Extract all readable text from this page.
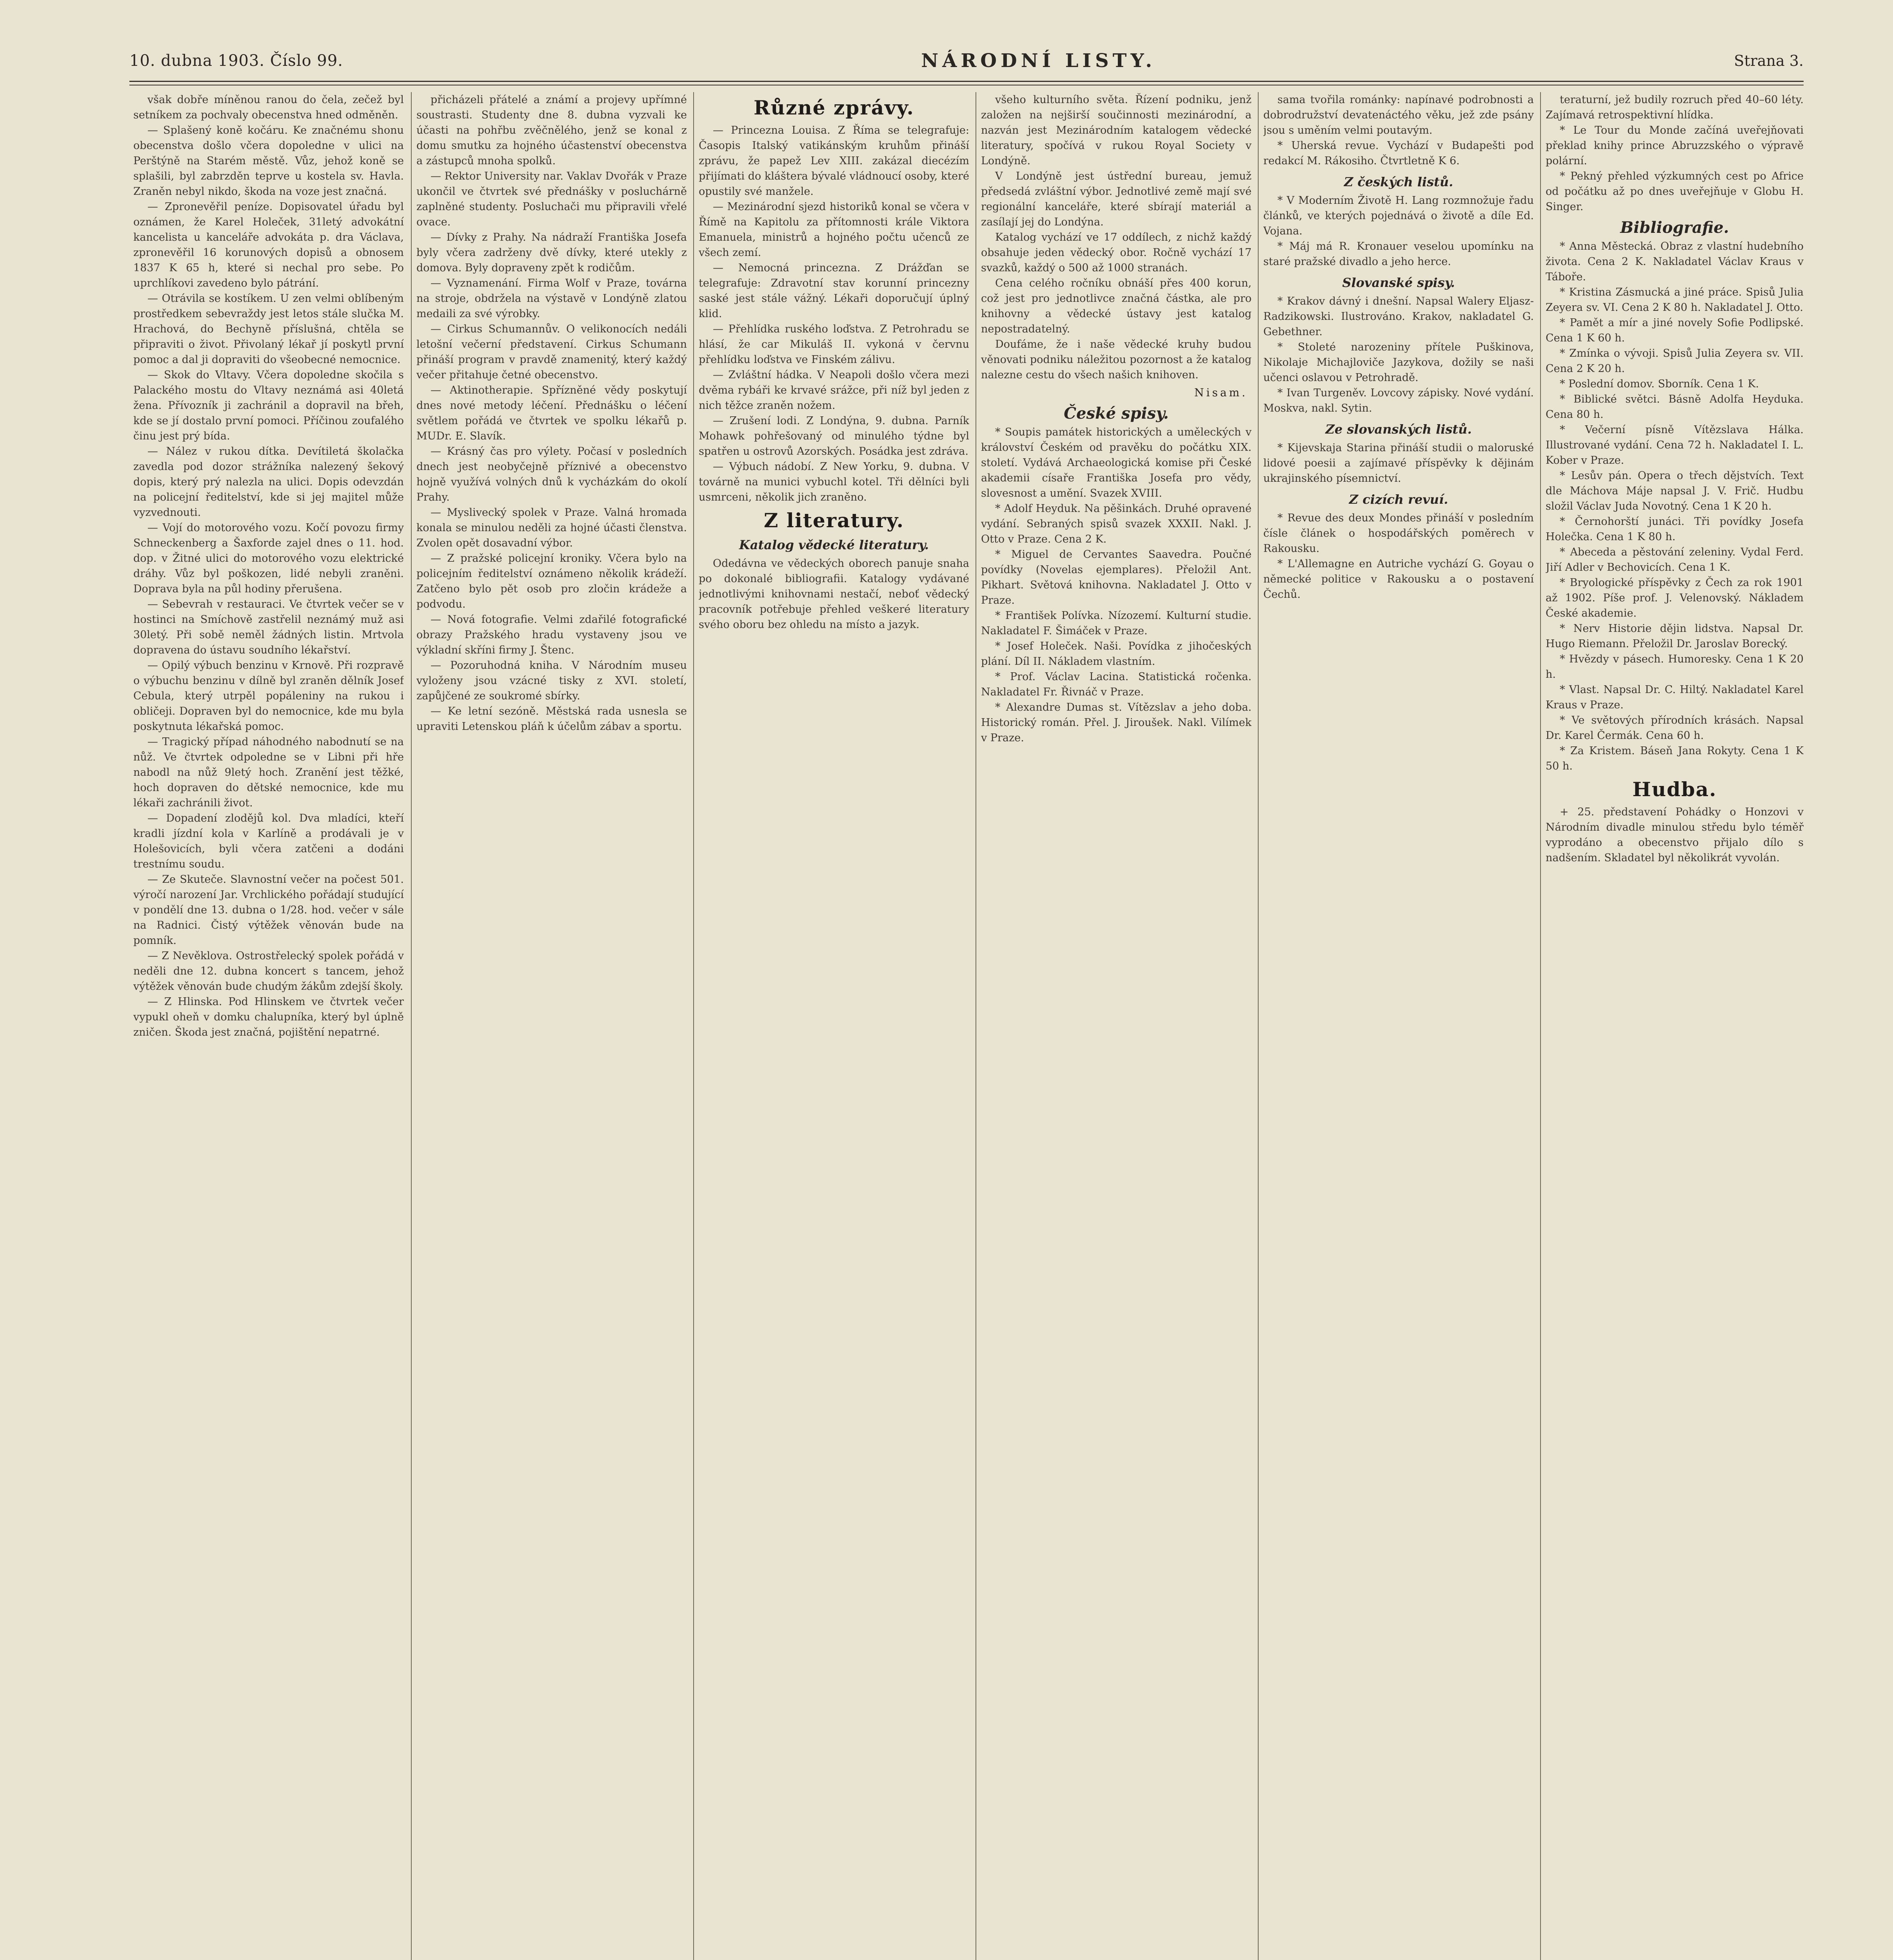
10. dubna 1903. Číslo 99.	NÁRODNÍ LISTY.	Strana 3.

však dobře míněnou ranou do čela, zečež byl setníkem za pochvaly obecenstva hned odměněn.

— Splašený koně kočáru. Ke značnému shonu obecenstva došlo včera dopoledne v ulici na Perštýně na Starém městě. Vůz, jehož koně se splašili, byl zabrzděn teprve u kostela sv. Havla. Zraněn nebyl nikdo, škoda na voze jest značná.

— Zpronevěřil peníze. Dopisovatel úřadu byl oznámen, že Karel Holeček, 31letý advokátní kancelista u kanceláře advokáta p. dra Václava, zpronevěřil 16 korunových dopisů a obnosem 1837 K 65 h, které si nechal pro sebe. Po uprchlíkovi zavedeno bylo pátrání.

— Otrávila se kostíkem. U zen velmi oblíbeným prostředkem sebevraždy jest letos stále slučka M. Hrachová, do Bechyně příslušná, chtěla se připraviti o život. Přivolaný lékař jí poskytl první pomoc a dal ji dopraviti do všeobecné nemocnice.

— Skok do Vltavy. Včera dopoledne skočila s Palackého mostu do Vltavy neznámá asi 40letá žena. Přívozník ji zachránil a dopravil na břeh, kde se jí dostalo první pomoci. Příčinou zoufalého činu jest prý bída.

— Nález v rukou dítka. Devítiletá školačka zavedla pod dozor strážníka nalezený šekový dopis, který prý nalezla na ulici. Dopis odevzdán na policejní ředitelství, kde si jej majitel může vyzvednouti.

— Vojí do motorového vozu. Kočí povozu firmy Schneckenberg a Šaxforde zajel dnes o 11. hod. dop. v Žitné ulici do motorového vozu elektrické dráhy. Vůz byl poškozen, lidé nebyli zraněni. Doprava byla na půl hodiny přerušena.

— Sebevrah v restauraci. Ve čtvrtek večer se v hostinci na Smíchově zastřelil neznámý muž asi 30letý. Při sobě neměl žádných listin. Mrtvola dopravena do ústavu soudního lékařství.

— Opilý výbuch benzinu v Krnově. Při rozpravě o výbuchu benzinu v dílně byl zraněn dělník Josef Cebula, který utrpěl popáleniny na rukou i obličeji. Dopraven byl do nemocnice, kde mu byla poskytnuta lékařská pomoc.

— Tragický případ náhodného nabodnutí se na nůž. Ve čtvrtek odpoledne se v Libni při hře nabodl na nůž 9letý hoch. Zranění jest těžké, hoch dopraven do dětské nemocnice, kde mu lékaři zachránili život.

— Dopadení zlodějů kol. Dva mladíci, kteří kradli jízdní kola v Karlíně a prodávali je v Holešovicích, byli včera zatčeni a dodáni trestnímu soudu.

— Ze Skuteče. Slavnostní večer na počest 501. výročí narození Jar. Vrchlického pořádají studující v pondělí dne 13. dubna o 1/28. hod. večer v sále na Radnici. Čistý výtěžek věnován bude na pomník.

— Z Nevěklova. Ostrostřelecký spolek pořádá v neděli dne 12. dubna koncert s tancem, jehož výtěžek věnován bude chudým žákům zdejší školy.

— Z Hlinska. Pod Hlinskem ve čtvrtek večer vypukl oheň v domku chalupníka, který byl úplně zničen. Škoda jest značná, pojištění nepatrné.

přicházeli přátelé a známí a projevy upřímné soustrasti. Studenty dne 8. dubna vyzvali ke účasti na pohřbu zvěčnělého, jenž se konal z domu smutku za hojného účastenství obecenstva a zástupců mnoha spolků.

— Rektor University nar. Vaklav Dvořák v Praze ukončil ve čtvrtek své přednášky v posluchárně zaplněné studenty. Posluchači mu připravili vřelé ovace.

— Dívky z Prahy. Na nádraží Františka Josefa byly včera zadrženy dvě dívky, které utekly z domova. Byly dopraveny zpět k rodičům.

— Vyznamenání. Firma Wolf v Praze, továrna na stroje, obdržela na výstavě v Londýně zlatou medaili za své výrobky.

— Cirkus Schumannův. O velikonocích nedáli letošní večerní představení. Cirkus Schumann přináší program v pravdě znamenitý, který každý večer přitahuje četné obecenstvo.

— Aktinotherapie. Spřízněné vědy poskytují dnes nové metody léčení. Přednášku o léčení světlem pořádá ve čtvrtek ve spolku lékařů p. MUDr. E. Slavík.

— Krásný čas pro výlety. Počasí v posledních dnech jest neobyčejně příznivé a obecenstvo hojně využívá volných dnů k vycházkám do okolí Prahy.

— Myslivecký spolek v Praze. Valná hromada konala se minulou neděli za hojné účasti členstva. Zvolen opět dosavadní výbor.

— Z pražské policejní kroniky. Včera bylo na policejním ředitelství oznámeno několik krádeží. Zatčeno bylo pět osob pro zločin krádeže a podvodu.

— Nová fotografie. Velmi zdařilé fotografické obrazy Pražského hradu vystaveny jsou ve výkladní skříni firmy J. Štenc.

— Pozoruhodná kniha. V Národním museu vyloženy jsou vzácné tisky z XVI. století, zapůjčené ze soukromé sbírky.

— Ke letní sezóně. Městská rada usnesla se upraviti Letenskou pláň k účelům zábav a sportu.

Různé zprávy.

— Princezna Louisa. Z Říma se telegrafuje: Časopis Italský vatikánským kruhům přináší zprávu, že papež Lev XIII. zakázal diecézím přijímati do kláštera bývalé vládnoucí osoby, které opustily své manžele.

— Mezinárodní sjezd historiků konal se včera v Římě na Kapitolu za přítomnosti krále Viktora Emanuela, ministrů a hojného počtu učenců ze všech zemí.

— Nemocná princezna. Z Drážďan se telegrafuje: Zdravotní stav korunní princezny saské jest stále vážný. Lékaři doporučují úplný klid.

— Přehlídka ruského loďstva. Z Petrohradu se hlásí, že car Mikuláš II. vykoná v červnu přehlídku loďstva ve Finském zálivu.

— Zvláštní hádka. V Neapoli došlo včera mezi dvěma rybáři ke krvavé srážce, při níž byl jeden z nich těžce zraněn nožem.

— Zrušení lodi. Z Londýna, 9. dubna. Parník Mohawk pohřešovaný od minulého týdne byl spatřen u ostrovů Azorských. Posádka jest zdráva.

— Výbuch nádobí. Z New Yorku, 9. dubna. V továrně na munici vybuchl kotel. Tři dělníci byli usmrceni, několik jich zraněno.

Z literatury.
Katalog vědecké literatury.

Odedávna ve vědeckých oborech panuje snaha po dokonalé bibliografii. Katalogy vydávané jednotlivými knihovnami nestačí, neboť vědecký pracovník potřebuje přehled veškeré literatury svého oboru bez ohledu na místo a jazyk.

všeho kulturního světa. Řízení podniku, jenž založen na nejširší součinnosti mezinárodní, a nazván jest Mezinárodním katalogem vědecké literatury, spočívá v rukou Royal Society v Londýně.

V Londýně jest ústřední bureau, jemuž předsedá zvláštní výbor. Jednotlivé země mají své regionální kanceláře, které sbírají materiál a zasílají jej do Londýna.

Katalog vychází ve 17 oddílech, z nichž každý obsahuje jeden vědecký obor. Ročně vychází 17 svazků, každý o 500 až 1000 stranách.

Cena celého ročníku obnáší přes 400 korun, což jest pro jednotlivce značná částka, ale pro knihovny a vědecké ústavy jest katalog nepostradatelný.

Doufáme, že i naše vědecké kruhy budou věnovati podniku náležitou pozornost a že katalog nalezne cestu do všech našich knihoven.

Nisam.
České spisy.

* Soupis památek historických a uměleckých v království Českém od pravěku do počátku XIX. století. Vydává Archaeologická komise při České akademii císaře Františka Josefa pro vědy, slovesnost a umění. Svazek XVIII.

* Adolf Heyduk. Na pěšinkách. Druhé opravené vydání. Sebraných spisů svazek XXXII. Nakl. J. Otto v Praze. Cena 2 K.

* Miguel de Cervantes Saavedra. Poučné povídky (Novelas ejemplares). Přeložil Ant. Pikhart. Světová knihovna. Nakladatel J. Otto v Praze.

* František Polívka. Nízozemí. Kulturní studie. Nakladatel F. Šimáček v Praze.

* Josef Holeček. Naši. Povídka z jihočeských plání. Díl II. Nákladem vlastním.

* Prof. Václav Lacina. Statistická ročenka. Nakladatel Fr. Řivnáč v Praze.

* Alexandre Dumas st. Vítězslav a jeho doba. Historický román. Přel. J. Jiroušek. Nakl. Vilímek v Praze.

sama tvořila románky: napínavé podrobnosti a dobrodružství devatenáctého věku, jež zde psány jsou s uměním velmi poutavým.

* Uherská revue. Vychází v Budapešti pod redakcí M. Rákosiho. Čtvrtletně K 6.

Z českých listů.

* V Moderním Životě H. Lang rozmnožuje řadu článků, ve kterých pojednává o životě a díle Ed. Vojana.

* Máj má R. Kronauer veselou upomínku na staré pražské divadlo a jeho herce.

Slovanské spisy.

* Krakov dávný i dnešní. Napsal Walery Eljasz-Radzikowski. Ilustrováno. Krakov, nakladatel G. Gebethner.

* Stoleté narozeniny přítele Puškinova, Nikolaje Michajloviče Jazykova, dožily se naši učenci oslavou v Petrohradě.

* Ivan Turgeněv. Lovcovy zápisky. Nové vydání. Moskva, nakl. Sytin.

Ze slovanských listů.

* Kijevskaja Starina přináší studii o maloruské lidové poesii a zajímavé příspěvky k dějinám ukrajinského písemnictví.

Z cizích revuí.

* Revue des deux Mondes přináší v posledním čísle článek o hospodářských poměrech v Rakousku.

* L'Allemagne en Autriche vychází G. Goyau o německé politice v Rakousku a o postavení Čechů.

teraturní, jež budily rozruch před 40–60 léty. Zajímavá retrospektivní hlídka.

* Le Tour du Monde začíná uveřejňovati překlad knihy prince Abruzzského o výpravě polární.

* Pekný přehled výzkumných cest po Africe od počátku až po dnes uveřejňuje v Globu H. Singer.

Bibliografie.

* Anna Městecká. Obraz z vlastní hudebního života. Cena 2 K. Nakladatel Václav Kraus v Táboře.

* Kristina Zásmucká a jiné práce. Spisů Julia Zeyera sv. VI. Cena 2 K 80 h. Nakladatel J. Otto.

* Pamět a mír a jiné novely Sofie Podlipské. Cena 1 K 60 h.

* Zmínka o vývoji. Spisů Julia Zeyera sv. VII. Cena 2 K 20 h.

* Poslední domov. Sborník. Cena 1 K.

* Biblické světci. Básně Adolfa Heyduka. Cena 80 h.

* Večerní písně Vítězslava Hálka. Illustrované vydání. Cena 72 h. Nakladatel I. L. Kober v Praze.

* Lesův pán. Opera o třech dějstvích. Text dle Máchova Máje napsal J. V. Frič. Hudbu složil Václav Juda Novotný. Cena 1 K 20 h.

* Černohorští junáci. Tři povídky Josefa Holečka. Cena 1 K 80 h.

* Abeceda a pěstování zeleniny. Vydal Ferd. Jiří Adler v Bechovicích. Cena 1 K.

* Bryologické příspěvky z Čech za rok 1901 až 1902. Píše prof. J. Velenovský. Nákladem České akademie.

* Nerv Historie dějin lidstva. Napsal Dr. Hugo Riemann. Přeložil Dr. Jaroslav Borecký.

* Hvězdy v pásech. Humoresky. Cena 1 K 20 h.

* Vlast. Napsal Dr. C. Hiltý. Nakladatel Karel Kraus v Praze.

* Ve světových přírodních krásách. Napsal Dr. Karel Čermák. Cena 60 h.

* Za Kristem. Báseň Jana Rokyty. Cena 1 K 50 h.

Hudba.

+ 25. představení Pohádky o Honzovi v Národním divadle minulou středu bylo téměř vyprodáno a obecenstvo přijalo dílo s nadšením. Skladatel byl několikrát vyvolán.
